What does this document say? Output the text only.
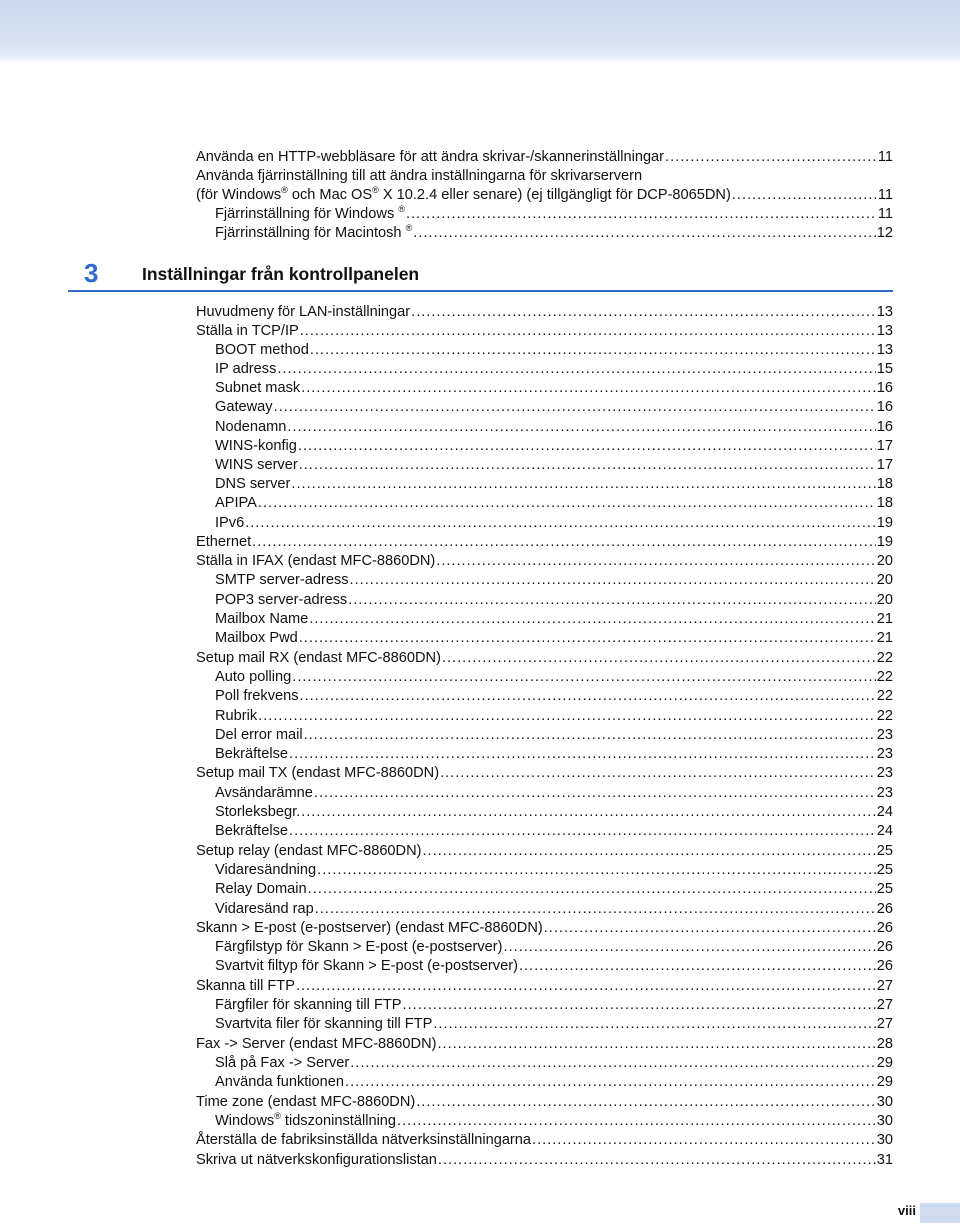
Använda en HTTP-webbläsare för att ändra skrivar-/skannerinställningar .....	11
Använda fjärrinställning till att ändra inställningarna för skrivarservern
(för Windows® och Mac OS® X 10.2.4 eller senare) (ej tillgängligt för DCP-8065DN) .....	11
Fjärrinställning för Windows ® .....	11
Fjärrinställning för Macintosh ® .....	12
3 Inställningar från kontrollpanelen
Huvudmeny för LAN-inställningar .....	13
Ställa in TCP/IP .....	13
BOOT method .....	13
IP adress .....	15
Subnet mask .....	16
Gateway .....	16
Nodenamn .....	16
WINS-konfig .....	17
WINS server .....	17
DNS server .....	18
APIPA .....	18
IPv6 .....	19
Ethernet .....	19
Ställa in IFAX (endast MFC-8860DN) .....	20
SMTP server-adress .....	20
POP3 server-adress .....	20
Mailbox Name .....	21
Mailbox Pwd .....	21
Setup mail RX (endast MFC-8860DN) .....	22
Auto polling .....	22
Poll frekvens .....	22
Rubrik .....	22
Del error mail .....	23
Bekräftelse .....	23
Setup mail TX (endast MFC-8860DN) .....	23
Avsändarämne .....	23
Storleksbegr. .....	24
Bekräftelse .....	24
Setup relay (endast MFC-8860DN) .....	25
Vidaresändning .....	25
Relay Domain .....	25
Vidaresänd rap .....	26
Skann > E-post (e-postserver) (endast MFC-8860DN) .....	26
Färgfilstyp för Skann > E-post (e-postserver) .....	26
Svartvit filtyp för Skann > E-post (e-postserver) .....	26
Skanna till FTP .....	27
Färgfiler för skanning till FTP .....	27
Svartvita filer för skanning till FTP .....	27
Fax -> Server (endast MFC-8860DN) .....	28
Slå på Fax -> Server .....	29
Använda funktionen .....	29
Time zone (endast MFC-8860DN) .....	30
Windows® tidszoninställning .....	30
Återställa de fabriksinställda nätverksinställningarna .....	30
Skriva ut nätverkskonfigurationslistan .....	31
viii
